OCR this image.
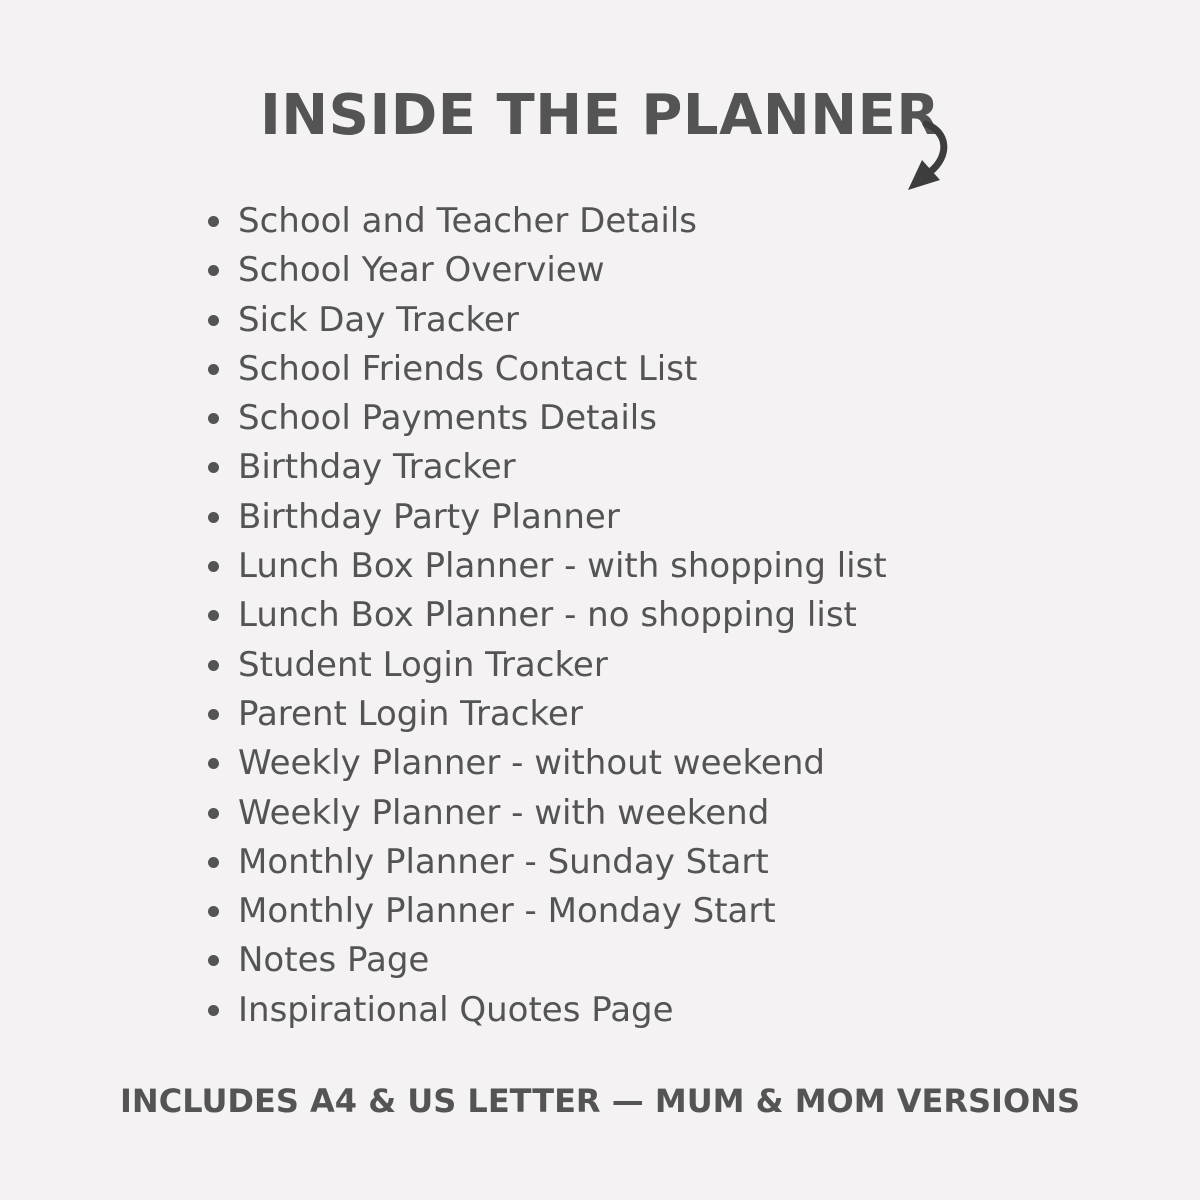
INSIDE THE PLANNER
School and Teacher Details
School Year Overview
Sick Day Tracker
School Friends Contact List
School Payments Details
Birthday Tracker
Birthday Party Planner
Lunch Box Planner - with shopping list
Lunch Box Planner - no shopping list
Student Login Tracker
Parent Login Tracker
Weekly Planner - without weekend
Weekly Planner - with weekend
Monthly Planner - Sunday Start
Monthly Planner - Monday Start
Notes Page
Inspirational Quotes Page

INCLUDES A4 & US LETTER — MUM & MOM VERSIONS
